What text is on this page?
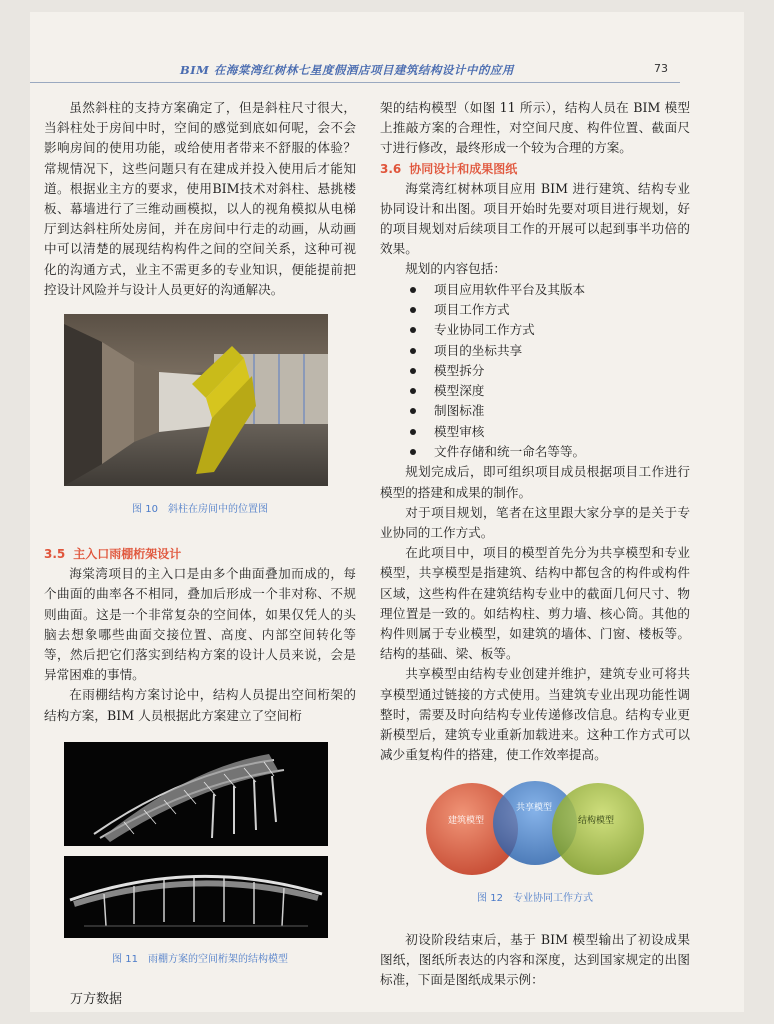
BIM 在海棠湾红树林七星度假酒店项目建筑结构设计中的应用	73

虽然斜柱的支持方案确定了，但是斜柱尺寸很大，当斜柱处于房间中时，空间的感觉到底如何呢，会不会影响房间的使用功能，或给使用者带来不舒服的体验？常规情况下，这些问题只有在建成并投入使用后才能知道。根据业主方的要求，使用BIM技术对斜柱、悬挑楼板、幕墙进行了三维动画模拟，以人的视角模拟从电梯厅到达斜柱所处房间，并在房间中行走的动画，从动画中可以清楚的展现结构构件之间的空间关系，这种可视化的沟通方式，业主不需更多的专业知识，便能提前把控设计风险并与设计人员更好的沟通解决。

图 10 斜柱在房间中的位置图

3.5 主入口雨棚桁架设计

海棠湾项目的主入口是由多个曲面叠加而成的，每个曲面的曲率各不相同，叠加后形成一个非对称、不规则曲面。这是一个非常复杂的空间体，如果仅凭人的头脑去想象哪些曲面交接位置、高度、内部空间转化等等，然后把它们落实到结构方案的设计人员来说，会是异常困难的事情。

在雨棚结构方案讨论中，结构人员提出空间桁架的结构方案，BIM 人员根据此方案建立了空间桁

图 11 雨棚方案的空间桁架的结构模型

架的结构模型（如图 11 所示），结构人员在 BIM 模型上推敲方案的合理性，对空间尺度、构件位置、截面尺寸进行修改，最终形成一个较为合理的方案。

3.6 协同设计和成果图纸

海棠湾红树林项目应用 BIM 进行建筑、结构专业协同设计和出图。项目开始时先要对项目进行规划，好的项目规划对后续项目工作的开展可以起到事半功倍的效果。

规划的内容包括：

项目应用软件平台及其版本
项目工作方式
专业协同工作方式
项目的坐标共享
模型拆分
模型深度
制图标准
模型审核
文件存储和统一命名等等。

规划完成后，即可组织项目成员根据项目工作进行模型的搭建和成果的制作。

对于项目规划，笔者在这里跟大家分享的是关于专业协同的工作方式。

在此项目中，项目的模型首先分为共享模型和专业模型，共享模型是指建筑、结构中都包含的构件或构件区域，这些构件在建筑结构专业中的截面几何尺寸、物理位置是一致的。如结构柱、剪力墙、核心筒。其他的构件则属于专业模型，如建筑的墙体、门窗、楼板等。结构的基础、梁、板等。

共享模型由结构专业创建并维护，建筑专业可将共享模型通过链接的方式使用。当建筑专业出现功能性调整时，需要及时向结构专业传递修改信息。结构专业更新模型后，建筑专业重新加载进来。这种工作方式可以减少重复构件的搭建，使工作效率提高。

建筑模型
共享模型
结构模型

图 12 专业协同工作方式

初设阶段结束后，基于 BIM 模型输出了初设成果图纸，图纸所表达的内容和深度，达到国家规定的出图标准，下面是图纸成果示例：

万方数据
